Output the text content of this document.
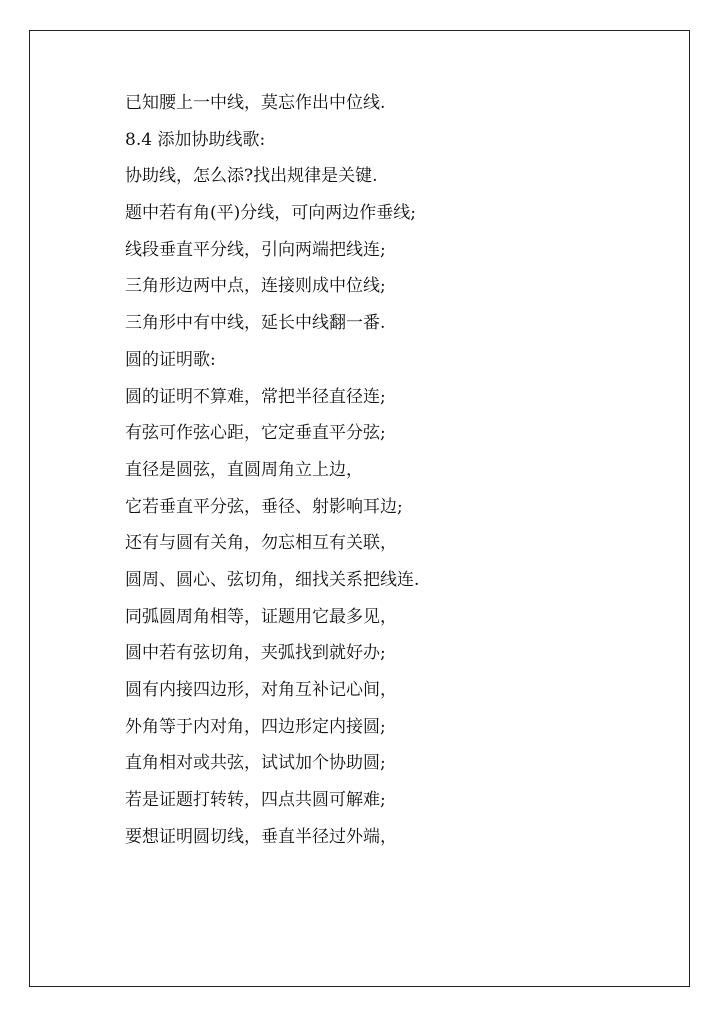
已知腰上一中线，莫忘作出中位线.
8.4 添加协助线歌:
协助线，怎么添?找出规律是关键.
题中若有角(平)分线，可向两边作垂线;
线段垂直平分线，引向两端把线连;
三角形边两中点，连接则成中位线;
三角形中有中线，延长中线翻一番.
圆的证明歌:
圆的证明不算难，常把半径直径连;
有弦可作弦心距，它定垂直平分弦;
直径是圆弦，直圆周角立上边，
它若垂直平分弦，垂径、射影响耳边;
还有与圆有关角，勿忘相互有关联，
圆周、圆心、弦切角，细找关系把线连.
同弧圆周角相等，证题用它最多见，
圆中若有弦切角，夹弧找到就好办;
圆有内接四边形，对角互补记心间，
外角等于内对角，四边形定内接圆;
直角相对或共弦，试试加个协助圆;
若是证题打转转，四点共圆可解难;
要想证明圆切线，垂直半径过外端，
